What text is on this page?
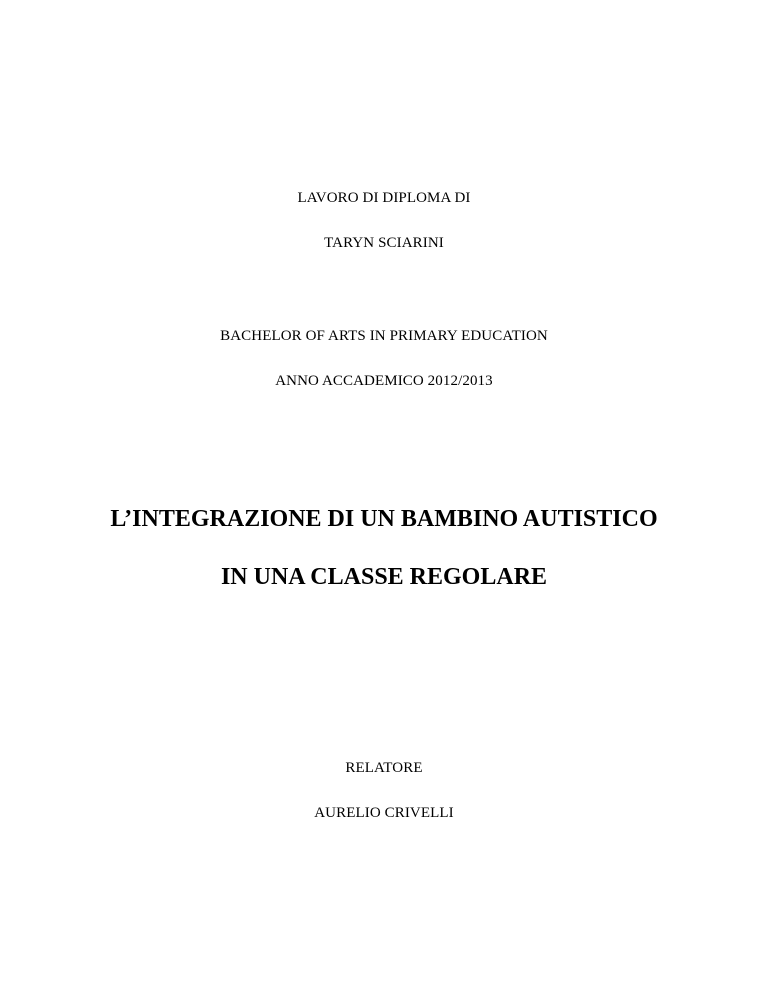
LAVORO DI DIPLOMA DI
TARYN SCIARINI
BACHELOR OF ARTS IN PRIMARY EDUCATION
ANNO ACCADEMICO 2012/2013
L’INTEGRAZIONE DI UN BAMBINO AUTISTICO
IN UNA CLASSE REGOLARE
RELATORE
AURELIO CRIVELLI
